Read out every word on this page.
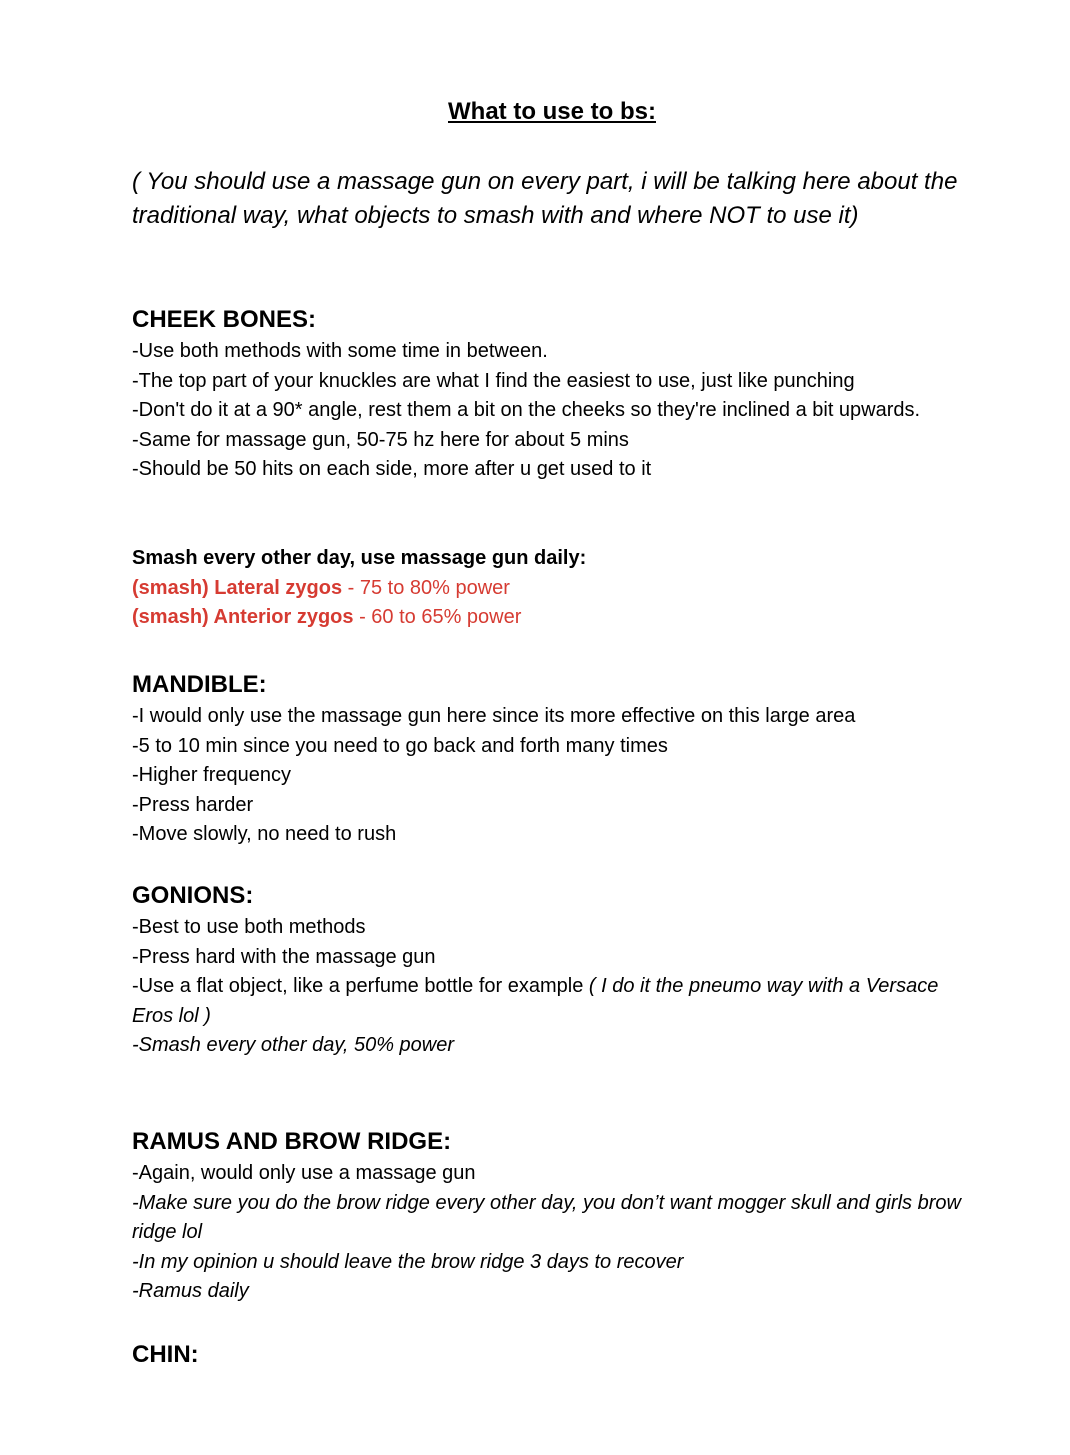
What to use to bs:

( You should use a massage gun on every part, i will be talking here about the traditional way, what objects to smash with and where NOT to use it)

CHEEK BONES:

-Use both methods with some time in between.

-The top part of your knuckles are what I find the easiest to use, just like punching

-Don't do it at a 90* angle, rest them a bit on the cheeks so they're inclined a bit upwards.

-Same for massage gun, 50-75 hz here for about 5 mins

-Should be 50 hits on each side, more after u get used to it

Smash every other day, use massage gun daily:

(smash) Lateral zygos - 75 to 80% power

(smash) Anterior zygos - 60 to 65% power

MANDIBLE:

-I would only use the massage gun here since its more effective on this large area

-5 to 10 min since you need to go back and forth many times

-Higher frequency

-Press harder

-Move slowly, no need to rush

GONIONS:

-Best to use both methods

-Press hard with the massage gun

-Use a flat object, like a perfume bottle for example ( I do it the pneumo way with a Versace Eros lol )

-Smash every other day, 50% power

RAMUS AND BROW RIDGE:

-Again, would only use a massage gun

-Make sure you do the brow ridge every other day, you don’t want mogger skull and girls brow ridge lol

-In my opinion u should leave the brow ridge 3 days to recover

-Ramus daily

CHIN:
